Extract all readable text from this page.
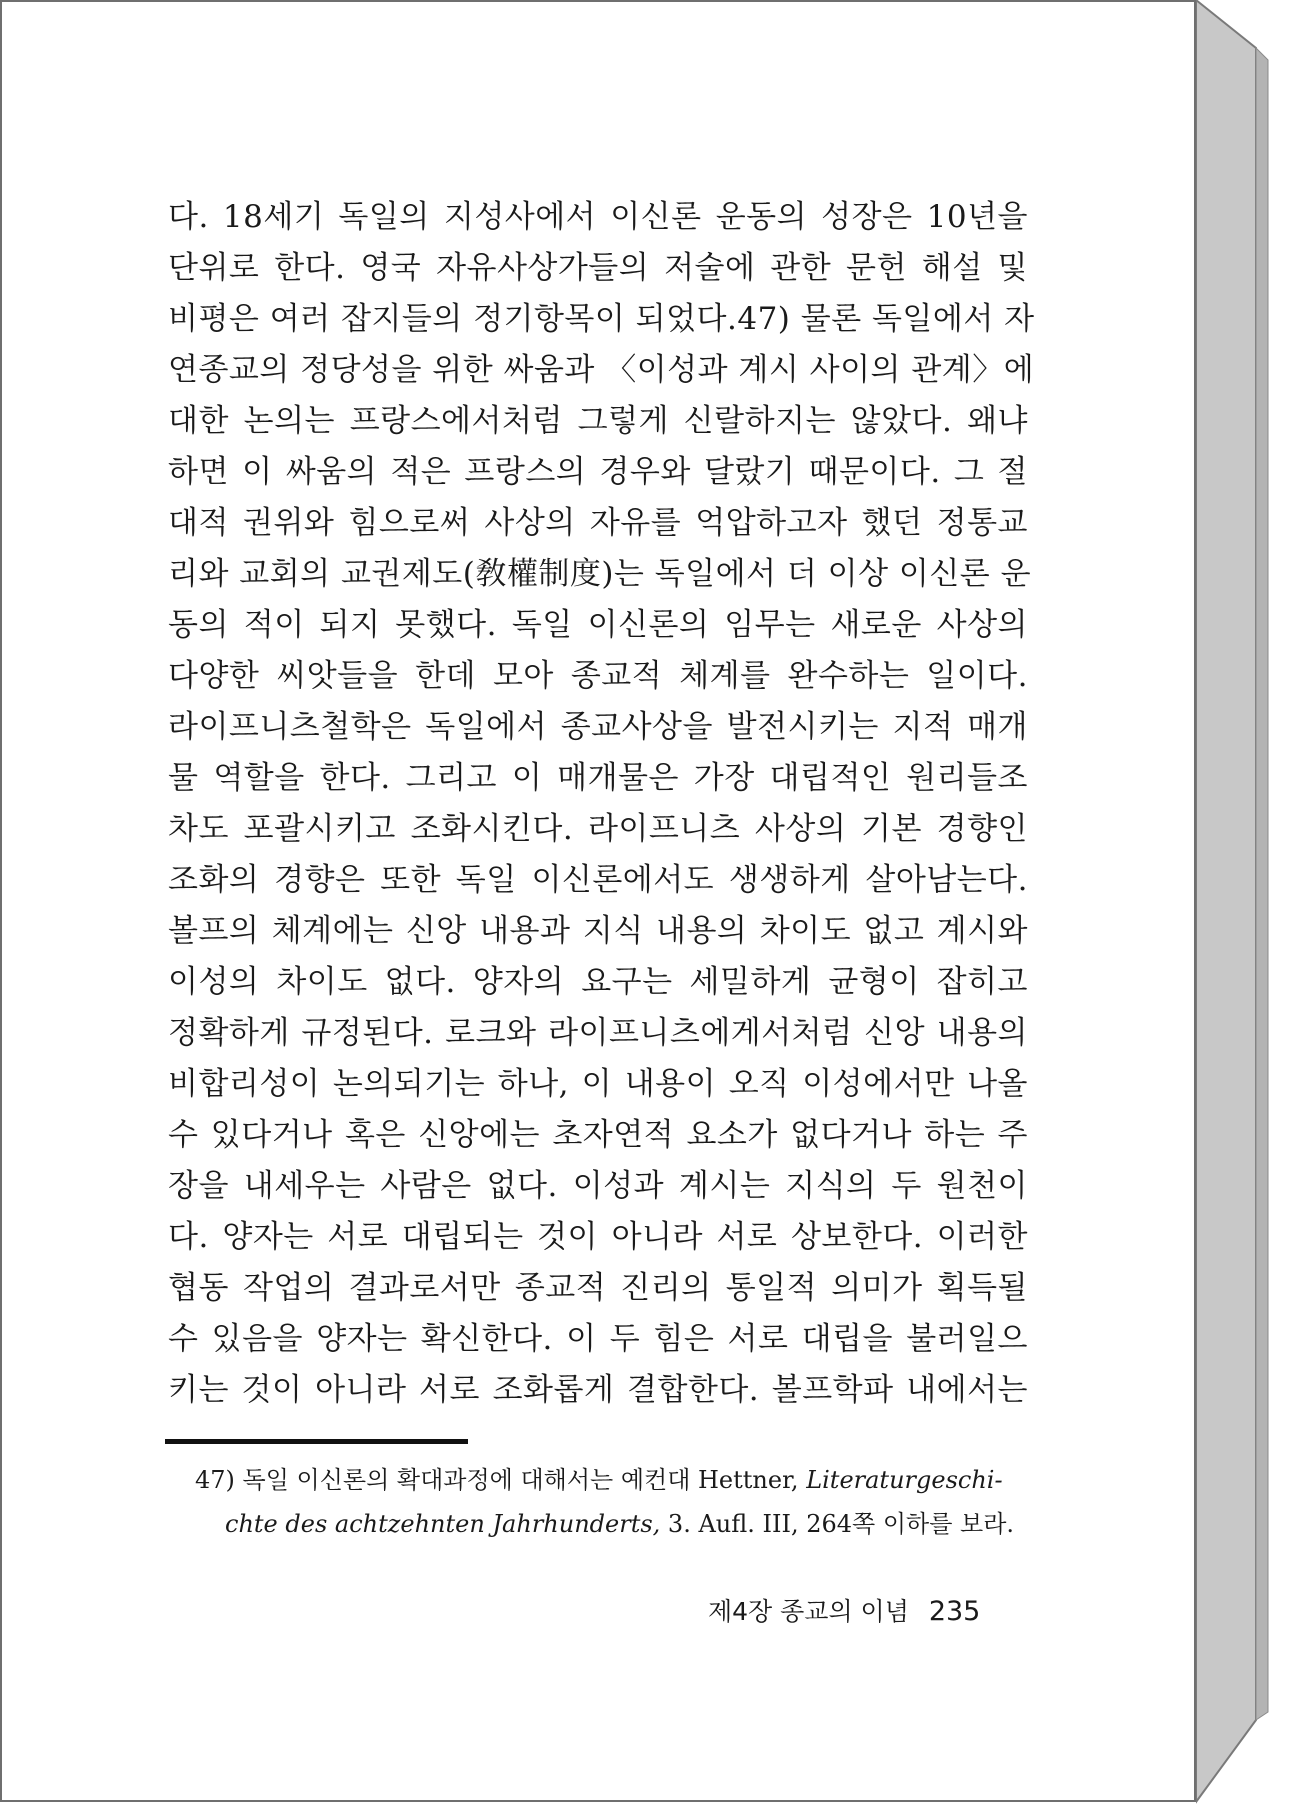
다. 18세기 독일의 지성사에서 이신론 운동의 성장은 10년을
단위로 한다. 영국 자유사상가들의 저술에 관한 문헌 해설 및
비평은 여러 잡지들의 정기항목이 되었다.47) 물론 독일에서 자
연종교의 정당성을 위한 싸움과 〈이성과 계시 사이의 관계〉에
대한 논의는 프랑스에서처럼 그렇게 신랄하지는 않았다. 왜냐
하면 이 싸움의 적은 프랑스의 경우와 달랐기 때문이다. 그 절
대적 권위와 힘으로써 사상의 자유를 억압하고자 했던 정통교
리와 교회의 교권제도(敎權制度)는 독일에서 더 이상 이신론 운
동의 적이 되지 못했다. 독일 이신론의 임무는 새로운 사상의
다양한 씨앗들을 한데 모아 종교적 체계를 완수하는 일이다.
라이프니츠철학은 독일에서 종교사상을 발전시키는 지적 매개
물 역할을 한다. 그리고 이 매개물은 가장 대립적인 원리들조
차도 포괄시키고 조화시킨다. 라이프니츠 사상의 기본 경향인
조화의 경향은 또한 독일 이신론에서도 생생하게 살아남는다.
볼프의 체계에는 신앙 내용과 지식 내용의 차이도 없고 계시와
이성의 차이도 없다. 양자의 요구는 세밀하게 균형이 잡히고
정확하게 규정된다. 로크와 라이프니츠에게서처럼 신앙 내용의
비합리성이 논의되기는 하나, 이 내용이 오직 이성에서만 나올
수 있다거나 혹은 신앙에는 초자연적 요소가 없다거나 하는 주
장을 내세우는 사람은 없다. 이성과 계시는 지식의 두 원천이
다. 양자는 서로 대립되는 것이 아니라 서로 상보한다. 이러한
협동 작업의 결과로서만 종교적 진리의 통일적 의미가 획득될
수 있음을 양자는 확신한다. 이 두 힘은 서로 대립을 불러일으
키는 것이 아니라 서로 조화롭게 결합한다. 볼프학파 내에서는
47) 독일 이신론의 확대과정에 대해서는 예컨대 Hettner, Literaturgeschi-
chte des achtzehnten Jahrhunderts, 3. Aufl. III, 264쪽 이하를 보라.
제4장 종교의 이념 235
